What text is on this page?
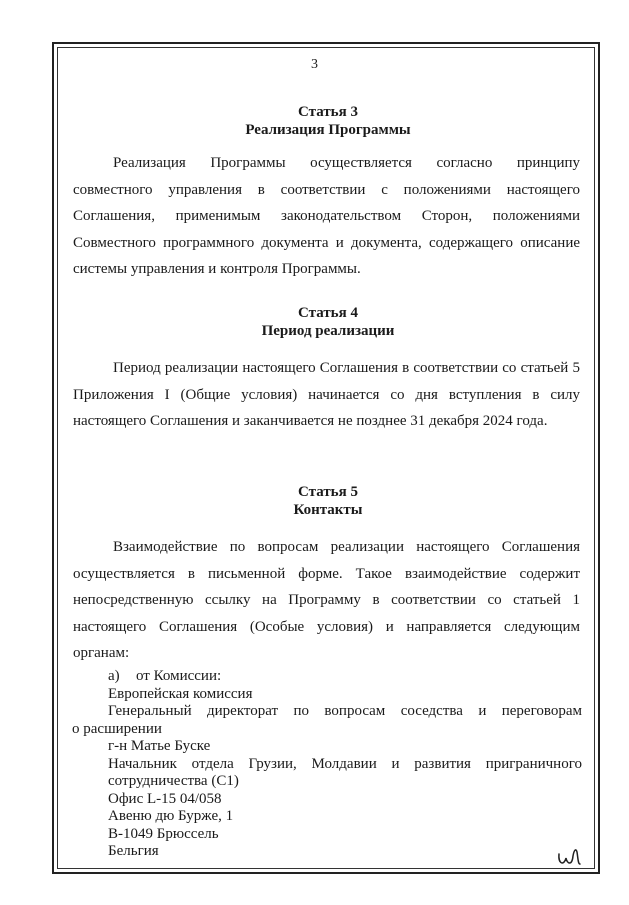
3
Статья 3
Реализация Программы
Реализация Программы осуществляется согласно принципу совместного управления в соответствии с положениями настоящего Соглашения, применимым законодательством Сторон, положениями Совместного программного документа и документа, содержащего описание системы управления и контроля Программы.
Статья 4
Период реализации
Период реализации настоящего Соглашения в соответствии со статьей 5 Приложения I (Общие условия) начинается со дня вступления в силу настоящего Соглашения и заканчивается не позднее 31 декабря 2024 года.
Статья 5
Контакты
Взаимодействие по вопросам реализации настоящего Соглашения осуществляется в письменной форме. Такое взаимодействие содержит непосредственную ссылку на Программу в соответствии со статьей 1 настоящего Соглашения (Особые условия) и направляется следующим органам:
а) от Комиссии:
Европейская комиссия
Генеральный директорат по вопросам соседства и переговорам
о расширении
г-н Матье Буске
Начальник отдела Грузии, Молдавии и развития приграничного
сотрудничества (С1)
Офис L-15 04/058
Авеню дю Бурже, 1
B-1049 Брюссель
Бельгия
